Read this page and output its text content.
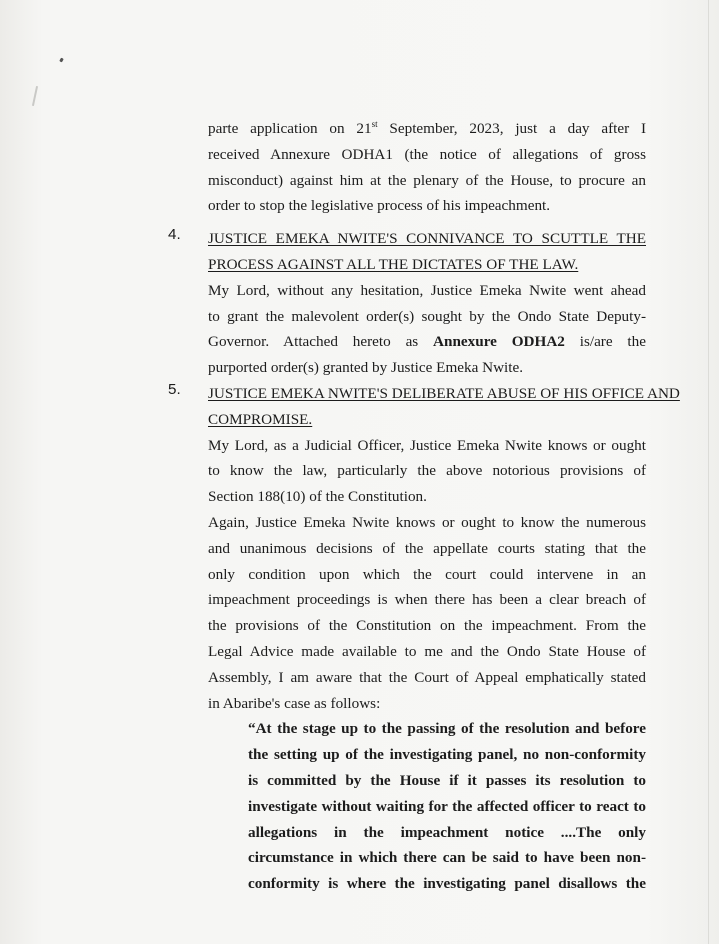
parte application on 21st September, 2023, just a day after I

received Annexure ODHA1 (the notice of allegations of gross

misconduct) against him at the plenary of the House, to procure an

order to stop the legislative process of his impeachment.

4. JUSTICE EMEKA NWITE'S CONNIVANCE TO SCUTTLE THE

PROCESS AGAINST ALL THE DICTATES OF THE LAW.

My Lord, without any hesitation, Justice Emeka Nwite went ahead

to grant the malevolent order(s) sought by the Ondo State Deputy-

Governor. Attached hereto as Annexure ODHA2 is/are the

purported order(s) granted by Justice Emeka Nwite.

5. JUSTICE EMEKA NWITE'S DELIBERATE ABUSE OF HIS OFFICE AND

COMPROMISE.

My Lord, as a Judicial Officer, Justice Emeka Nwite knows or ought

to know the law, particularly the above notorious provisions of

Section 188(10) of the Constitution.

Again, Justice Emeka Nwite knows or ought to know the numerous

and unanimous decisions of the appellate courts stating that the

only condition upon which the court could intervene in an

impeachment proceedings is when there has been a clear breach of

the provisions of the Constitution on the impeachment. From the

Legal Advice made available to me and the Ondo State House of

Assembly, I am aware that the Court of Appeal emphatically stated

in Abaribe's case as follows:

“At the stage up to the passing of the resolution and before

the setting up of the investigating panel, no non-conformity

is committed by the House if it passes its resolution to

investigate without waiting for the affected officer to react to

allegations in the impeachment notice ....The only

circumstance in which there can be said to have been non-

conformity is where the investigating panel disallows the
